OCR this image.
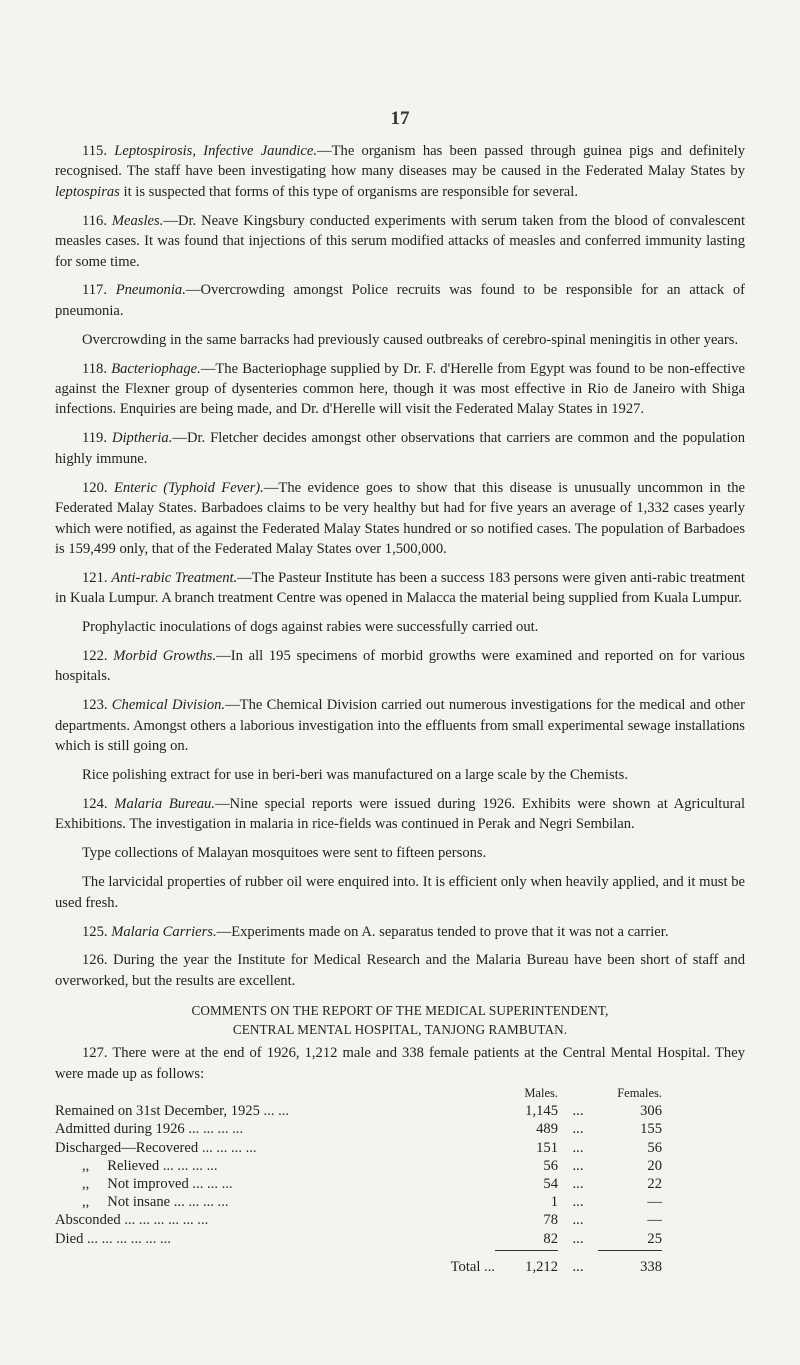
17

115. Leptospirosis, Infective Jaundice.—The organism has been passed through guinea pigs and definitely recognised. The staff have been investigating how many diseases may be caused in the Federated Malay States by leptospiras it is suspected that forms of this type of organisms are responsible for several.

116. Measles.—Dr. Neave Kingsbury conducted experiments with serum taken from the blood of convalescent measles cases. It was found that injections of this serum modified attacks of measles and conferred immunity lasting for some time.

117. Pneumonia.—Overcrowding amongst Police recruits was found to be responsible for an attack of pneumonia.

Overcrowding in the same barracks had previously caused outbreaks of cerebro-spinal meningitis in other years.

118. Bacteriophage.—The Bacteriophage supplied by Dr. F. d'Herelle from Egypt was found to be non-effective against the Flexner group of dysenteries common here, though it was most effective in Rio de Janeiro with Shiga infections. Enquiries are being made, and Dr. d'Herelle will visit the Federated Malay States in 1927.

119. Diptheria.—Dr. Fletcher decides amongst other observations that carriers are common and the population highly immune.

120. Enteric (Typhoid Fever).—The evidence goes to show that this disease is unusually uncommon in the Federated Malay States. Barbadoes claims to be very healthy but had for five years an average of 1,332 cases yearly which were notified, as against the Federated Malay States hundred or so notified cases. The population of Barbadoes is 159,499 only, that of the Federated Malay States over 1,500,000.

121. Anti-rabic Treatment.—The Pasteur Institute has been a success 183 persons were given anti-rabic treatment in Kuala Lumpur. A branch treatment Centre was opened in Malacca the material being supplied from Kuala Lumpur.

Prophylactic inoculations of dogs against rabies were successfully carried out.

122. Morbid Growths.—In all 195 specimens of morbid growths were examined and reported on for various hospitals.

123. Chemical Division.—The Chemical Division carried out numerous investigations for the medical and other departments. Amongst others a laborious investigation into the effluents from small experimental sewage installations which is still going on.

Rice polishing extract for use in beri-beri was manufactured on a large scale by the Chemists.

124. Malaria Bureau.—Nine special reports were issued during 1926. Exhibits were shown at Agricultural Exhibitions. The investigation in malaria in rice-fields was continued in Perak and Negri Sembilan.

Type collections of Malayan mosquitoes were sent to fifteen persons.

The larvicidal properties of rubber oil were enquired into. It is efficient only when heavily applied, and it must be used fresh.

125. Malaria Carriers.—Experiments made on A. separatus tended to prove that it was not a carrier.

126. During the year the Institute for Medical Research and the Malaria Bureau have been short of staff and overworked, but the results are excellent.

COMMENTS ON THE REPORT OF THE MEDICAL SUPERINTENDENT,
CENTRAL MENTAL HOSPITAL, TANJONG RAMBUTAN.

127. There were at the end of 1926, 1,212 male and 338 female patients at the Central Mental Hospital. They were made up as follows:

Males.	Females.
Remained on 31st December, 1925 ... ...	1,145 ...	306
Admitted during 1926 ... ... ... ...	489 ...	155
Discharged—Recovered ... ... ... ...	151 ...	56
,, Relieved ... ... ... ...	56 ...	20
,, Not improved ... ... ...	54 ...	22
,, Not insane ... ... ... ...	1 ...	—
Absconded ... ... ... ... ... ...	78 ...	—
Died ... ... ... ... ... ...	82 ...	25
Total ...	1,212 ...	338
